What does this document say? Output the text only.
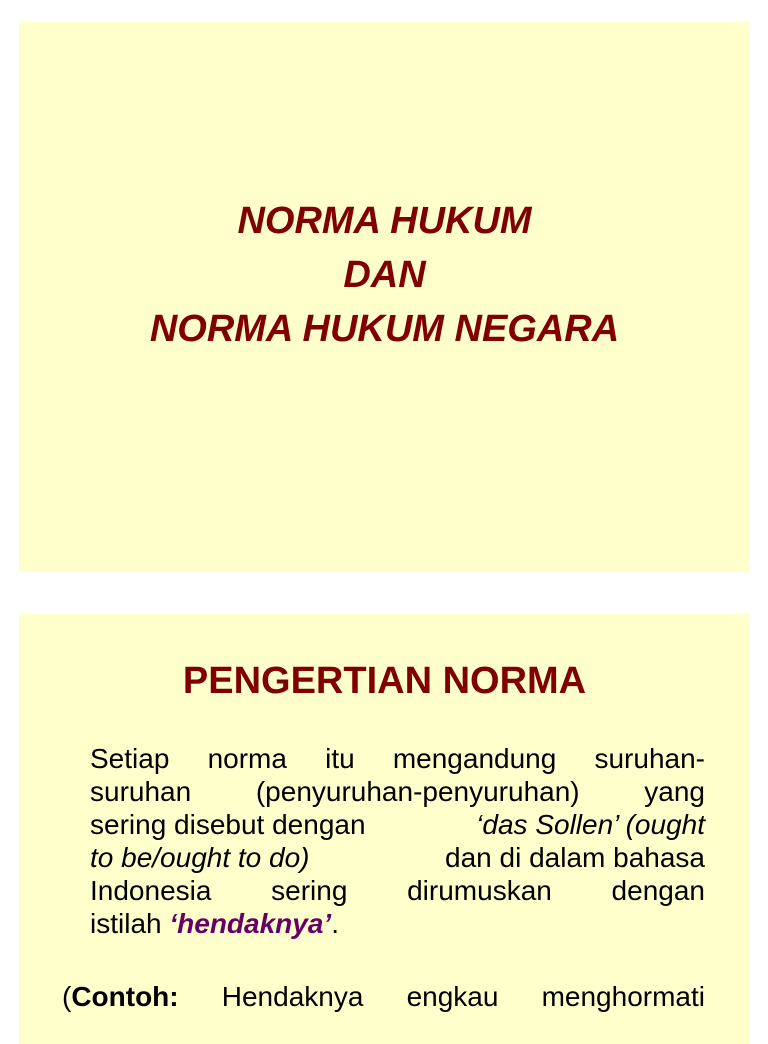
NORMA HUKUM
DAN
NORMA HUKUM NEGARA
PENGERTIAN NORMA
Setiap norma itu mengandung suruhan-
suruhan (penyuruhan-penyuruhan) yang
sering disebut dengan	‘das Sollen’ (ought
to be/ought to do)	dan di dalam bahasa
Indonesia sering dirumuskan dengan
istilah ‘hendaknya’ .
(Contoh: Hendaknya engkau menghormati
